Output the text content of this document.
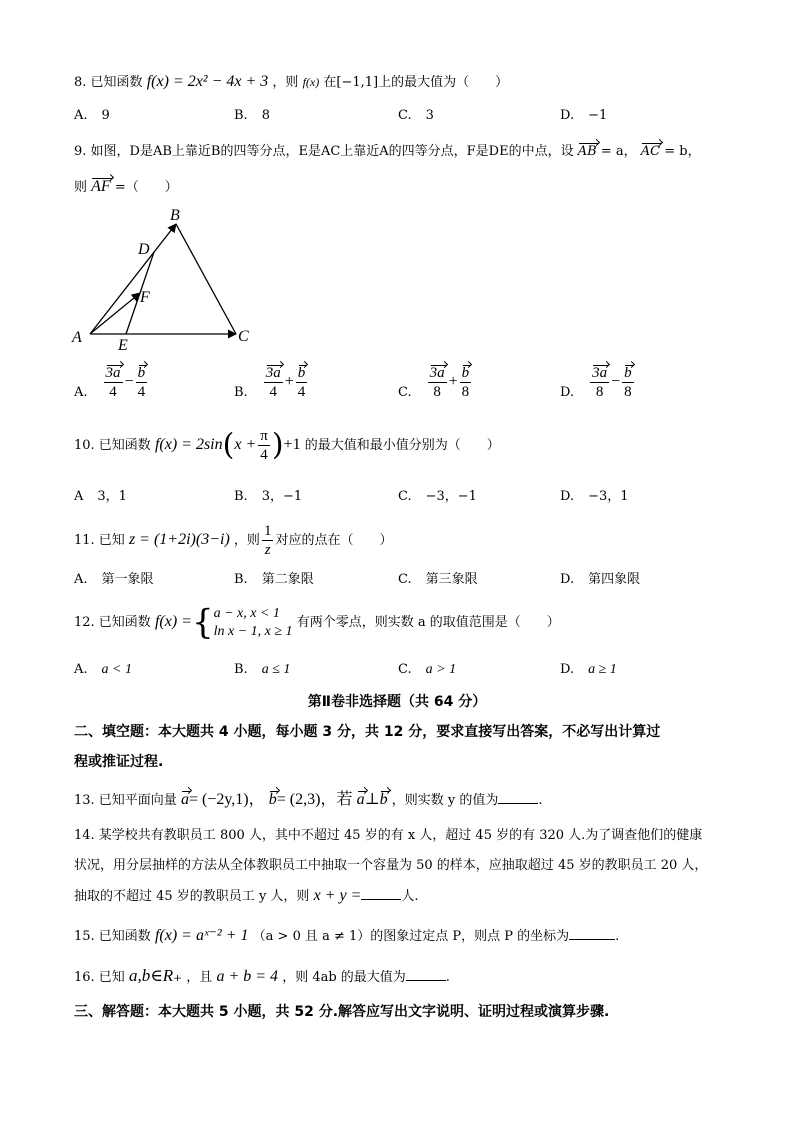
8. 已知函数 f(x) = 2x² − 4x + 3 ，则 f(x) 在[−1,1]上的最大值为（　　）
A. 9	B. 8	C. 3	D. −1
9. 如图，D是AB上靠近B的四等分点，E是AC上靠近A的四等分点，F是DE的中点，设 AB = a， AC = b，
则 AF =（　　）
B
D
F
A E
C
A. $\frac{3a}{4} - \frac{b}{4}$	B. $\frac{3a}{4} + \frac{b}{4}$	C. $\frac{3a}{8} + \frac{b}{8}$	D. $\frac{3a}{8} - \frac{b}{8}$
10. 已知函数 $f(x) = 2\sin(x + \frac{\pi}{4} )+1$ 的最大值和最小值分别为（　　）
A 3，1	B. 3，−1	C. −3，−1	D. −3，1
11. 已知 z = (1+2i)(3−i) ，则 $\frac{1}{z}$ 对应的点在（　　）
A. 第一象限	B. 第二象限	C. 第三象限	D. 第四象限
12. 已知函数 f(x) ={ a − x, x < 1
ln x − 1, x ≥ 1
有两个零点，则实数 a 的取值范围是（　　）
A. a < 1	B. a ≤ 1	C. a > 1	D. a ≥ 1
第Ⅱ卷非选择题（共 64 分）
二、填空题：本大题共 4 小题，每小题 3 分，共 12 分，要求直接写出答案，不必写出计算过
程或推证过程.
13. 已知平面向量 a= (−2y,1)， b= (2,3)，若 a⊥b ，则实数 y 的值为	.
14. 某学校共有教职员工 800 人，其中不超过 45 岁的有 x 人，超过 45 岁的有 320 人.为了调查他们的健康
状况，用分层抽样的方法从全体教职员工中抽取一个容量为 50 的样本，应抽取超过 45 岁的教职员工 20 人，
抽取的不超过 45 岁的教职员工 y 人，则 x + y =	人.
15. 已知函数 f(x) = aˣ⁻² + 1 （a > 0 且 a ≠ 1）的图象过定点 P，则点 P 的坐标为	.
16. 已知 a,b∈R₊ ，且 a + b = 4 ，则 4ab 的最大值为	.
三、解答题：本大题共 5 小题，共 52 分.解答应写出文字说明、证明过程或演算步骤.
